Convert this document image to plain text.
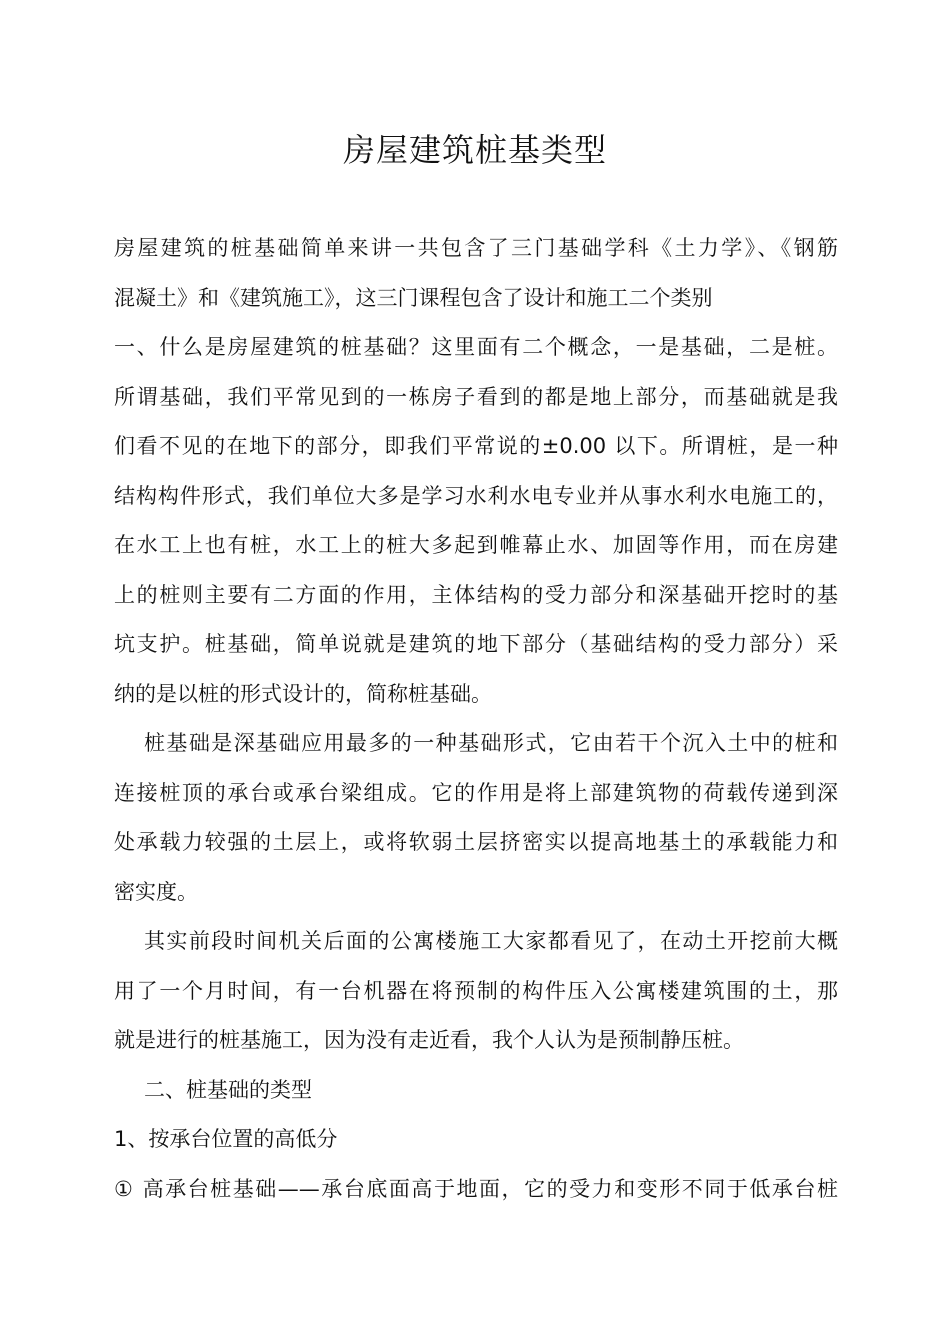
房屋建筑桩基类型
房屋建筑的桩基础简单来讲一共包含了三门基础学科《土力学》、《钢筋
混凝土》和《建筑施工》，这三门课程包含了设计和施工二个类别
一、什么是房屋建筑的桩基础？这里面有二个概念，一是基础，二是桩。
所谓基础，我们平常见到的一栋房子看到的都是地上部分，而基础就是我
们看不见的在地下的部分，即我们平常说的±0.00 以下。所谓桩，是一种
结构构件形式，我们单位大多是学习水利水电专业并从事水利水电施工的，
在水工上也有桩，水工上的桩大多起到帷幕止水、加固等作用，而在房建
上的桩则主要有二方面的作用，主体结构的受力部分和深基础开挖时的基
坑支护。桩基础，简单说就是建筑的地下部分（基础结构的受力部分）采
纳的是以桩的形式设计的，简称桩基础。
桩基础是深基础应用最多的一种基础形式，它由若干个沉入土中的桩和
连接桩顶的承台或承台梁组成。它的作用是将上部建筑物的荷载传递到深
处承载力较强的土层上，或将软弱土层挤密实以提高地基土的承载能力和
密实度。
其实前段时间机关后面的公寓楼施工大家都看见了，在动土开挖前大概
用了一个月时间，有一台机器在将预制的构件压入公寓楼建筑围的土，那
就是进行的桩基施工，因为没有走近看，我个人认为是预制静压桩。
二、桩基础的类型
1、按承台位置的高低分
① 高承台桩基础——承台底面高于地面，它的受力和变形不同于低承台桩
